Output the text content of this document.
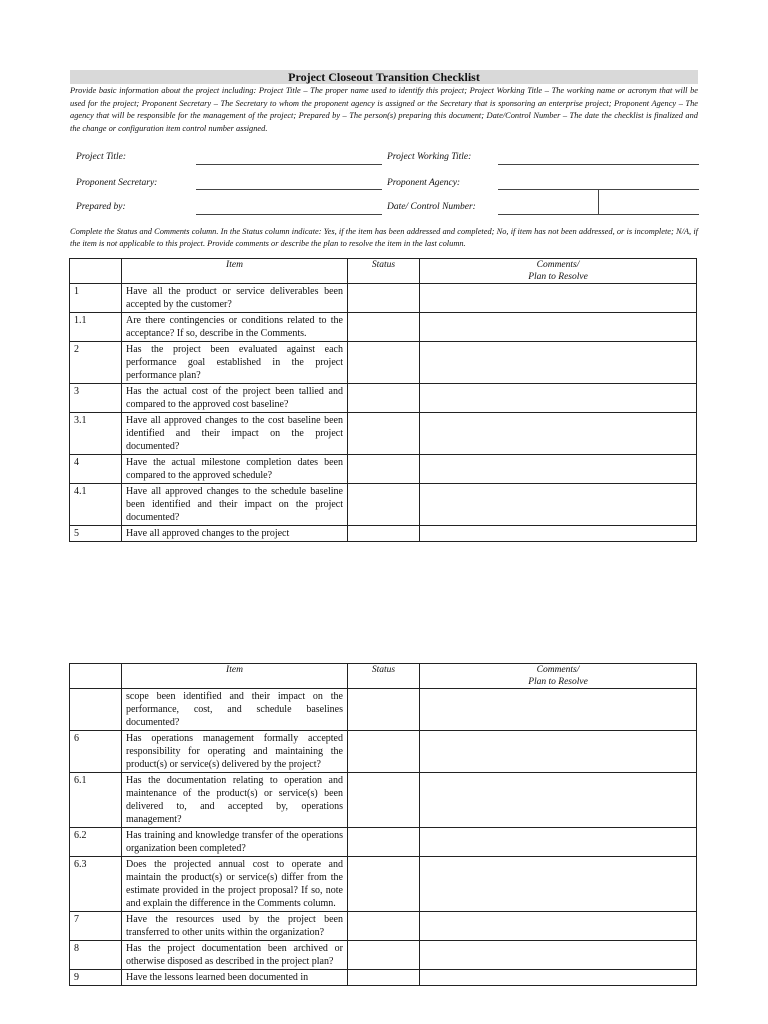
Project Closeout Transition Checklist
Provide basic information about the project including: Project Title – The proper name used to identify this project; Project Working Title – The working name or acronym that will be used for the project; Proponent Secretary – The Secretary to whom the proponent agency is assigned or the Secretary that is sponsoring an enterprise project; Proponent Agency – The agency that will be responsible for the management of the project; Prepared by – The person(s) preparing this document; Date/Control Number – The date the checklist is finalized and the change or configuration item control number assigned.
Project Title:	Project Working Title:
Proponent Secretary:	Proponent Agency:
Prepared by:	Date/ Control Number:
Complete the Status and Comments column. In the Status column indicate: Yes, if the item has been addressed and completed; No, if item has not been addressed, or is incomplete; N/A, if the item is not applicable to this project. Provide comments or describe the plan to resolve the item in the last column.
	Item	Status	Comments/
Plan to Resolve
1	Have all the product or service deliverables been accepted by the customer?		
1.1	Are there contingencies or conditions related to the acceptance? If so, describe in the Comments.		
2	Has the project been evaluated against each performance goal established in the project performance plan?		
3	Has the actual cost of the project been tallied and compared to the approved cost baseline?		
3.1	Have all approved changes to the cost baseline been identified and their impact on the project documented?		
4	Have the actual milestone completion dates been compared to the approved schedule?		
4.1	Have all approved changes to the schedule baseline been identified and their impact on the project documented?		
5	Have all approved changes to the project		
	Item	Status	Comments/
Plan to Resolve
	scope been identified and their impact on the performance, cost, and schedule baselines documented?		
6	Has operations management formally accepted responsibility for operating and maintaining the product(s) or service(s) delivered by the project?		
6.1	Has the documentation relating to operation and maintenance of the product(s) or service(s) been delivered to, and accepted by, operations management?		
6.2	Has training and knowledge transfer of the operations organization been completed?		
6.3	Does the projected annual cost to operate and maintain the product(s) or service(s) differ from the estimate provided in the project proposal? If so, note and explain the difference in the Comments column.		
7	Have the resources used by the project been transferred to other units within the organization?		
8	Has the project documentation been archived or otherwise disposed as described in the project plan?		
9	Have the lessons learned been documented in		
